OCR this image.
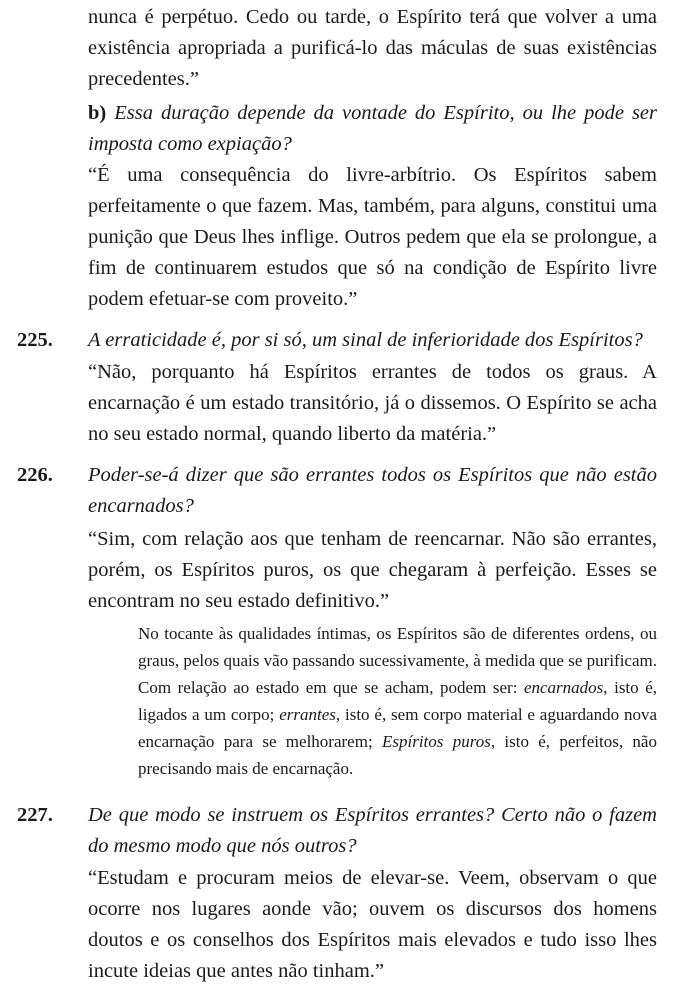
nunca é perpétuo. Cedo ou tarde, o Espírito terá que volver a uma existência apropriada a purificá-lo das máculas de suas existências precedentes.”

b) Essa duração depende da vontade do Espírito, ou lhe pode ser imposta como expiação?

“É uma consequência do livre-arbítrio. Os Espíritos sabem perfeitamente o que fazem. Mas, também, para alguns, constitui uma punição que Deus lhes inflige. Outros pedem que ela se prolongue, a fim de continuarem estudos que só na condição de Espírito livre podem efetuar-se com proveito.”

225. A erraticidade é, por si só, um sinal de inferioridade dos Espíritos?

“Não, porquanto há Espíritos errantes de todos os graus. A encarnação é um estado transitório, já o dissemos. O Espírito se acha no seu estado normal, quando liberto da matéria.”

226. Poder-se-á dizer que são errantes todos os Espíritos que não estão encarnados?

“Sim, com relação aos que tenham de reencarnar. Não são errantes, porém, os Espíritos puros, os que chegaram à perfeição. Esses se encontram no seu estado definitivo.”

No tocante às qualidades íntimas, os Espíritos são de diferentes ordens, ou graus, pelos quais vão passando sucessivamente, à medida que se purificam. Com relação ao estado em que se acham, podem ser: encarnados, isto é, ligados a um corpo; errantes, isto é, sem corpo material e aguardando nova encarnação para se melhorarem; Espíritos puros, isto é, perfeitos, não precisando mais de encarnação.

227. De que modo se instruem os Espíritos errantes? Certo não o fazem do mesmo modo que nós outros?

“Estudam e procuram meios de elevar-se. Veem, observam o que ocorre nos lugares aonde vão; ouvem os discursos dos homens doutos e os conselhos dos Espíritos mais elevados e tudo isso lhes incute ideias que antes não tinham.”
